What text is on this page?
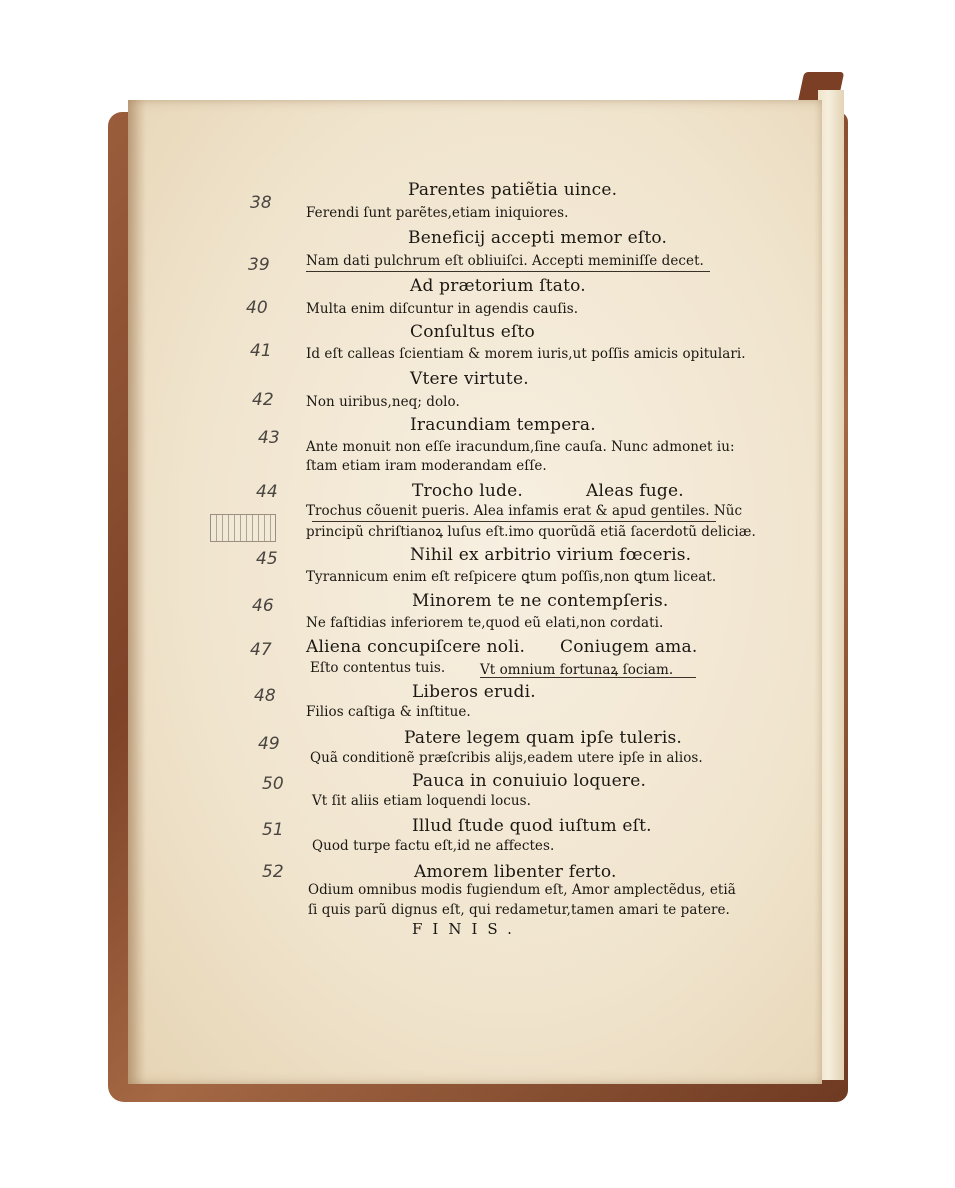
38
Parentes patiẽtia uince.
Ferendi ſunt parẽtes,etiam iniquiores.
39
Beneficij accepti memor eſto.
Nam dati pulchrum eſt obliuiſci. Accepti meminiſſe decet.
40
Ad prætorium ſtato.
Multa enim diſcuntur in agendis cauſis.
41
Conſultus eſto
Id eſt calleas ſcientiam & morem iuris,ut poſſis amicis opitulari.
42
Vtere virtute.
Non uiribus,neq; dolo.
43
Iracundiam tempera.
Ante monuit non eſſe iracundum,ſine cauſa. Nunc admonet iu:
ſtam etiam iram moderandam eſſe.
44	Trocho lude.	Aleas fuge.
Trochus cõuenit pueris. Alea infamis erat & apud gentiles. Nũc
principũ chriſtianoꝝ luſus eſt.imo quorũdã etiã ſacerdotũ deliciæ.
45	Nihil ex arbitrio virium fœceris.
Tyrannicum enim eſt reſpicere ꝗtum poſſis,non ꝗtum liceat.
46	Minorem te ne contempſeris.
Ne faſtidias inferiorem te,quod eũ elati,non cordati.
47 Aliena concupiſcere noli. Coniugem ama.
Eſto contentus tuis.	Vt omnium fortunaꝝ ſociam.
48	Liberos erudi.
Filios caſtiga & inſtitue.
49	Patere legem quam ipſe tuleris.
Quã conditionẽ præſcribis alijs,eadem utere ipſe in alios.
50	Pauca in conuiuio loquere.
Vt ſit aliis etiam loquendi locus.
51	Illud ſtude quod iuſtum eſt.
Quod turpe factu eſt,id ne affectes.
52	Amorem libenter ferto.
Odium omnibus modis fugiendum eſt, Amor amplectẽdus, etiã
ſi quis parũ dignus eſt, qui redametur,tamen amari te patere.
FINIS.
